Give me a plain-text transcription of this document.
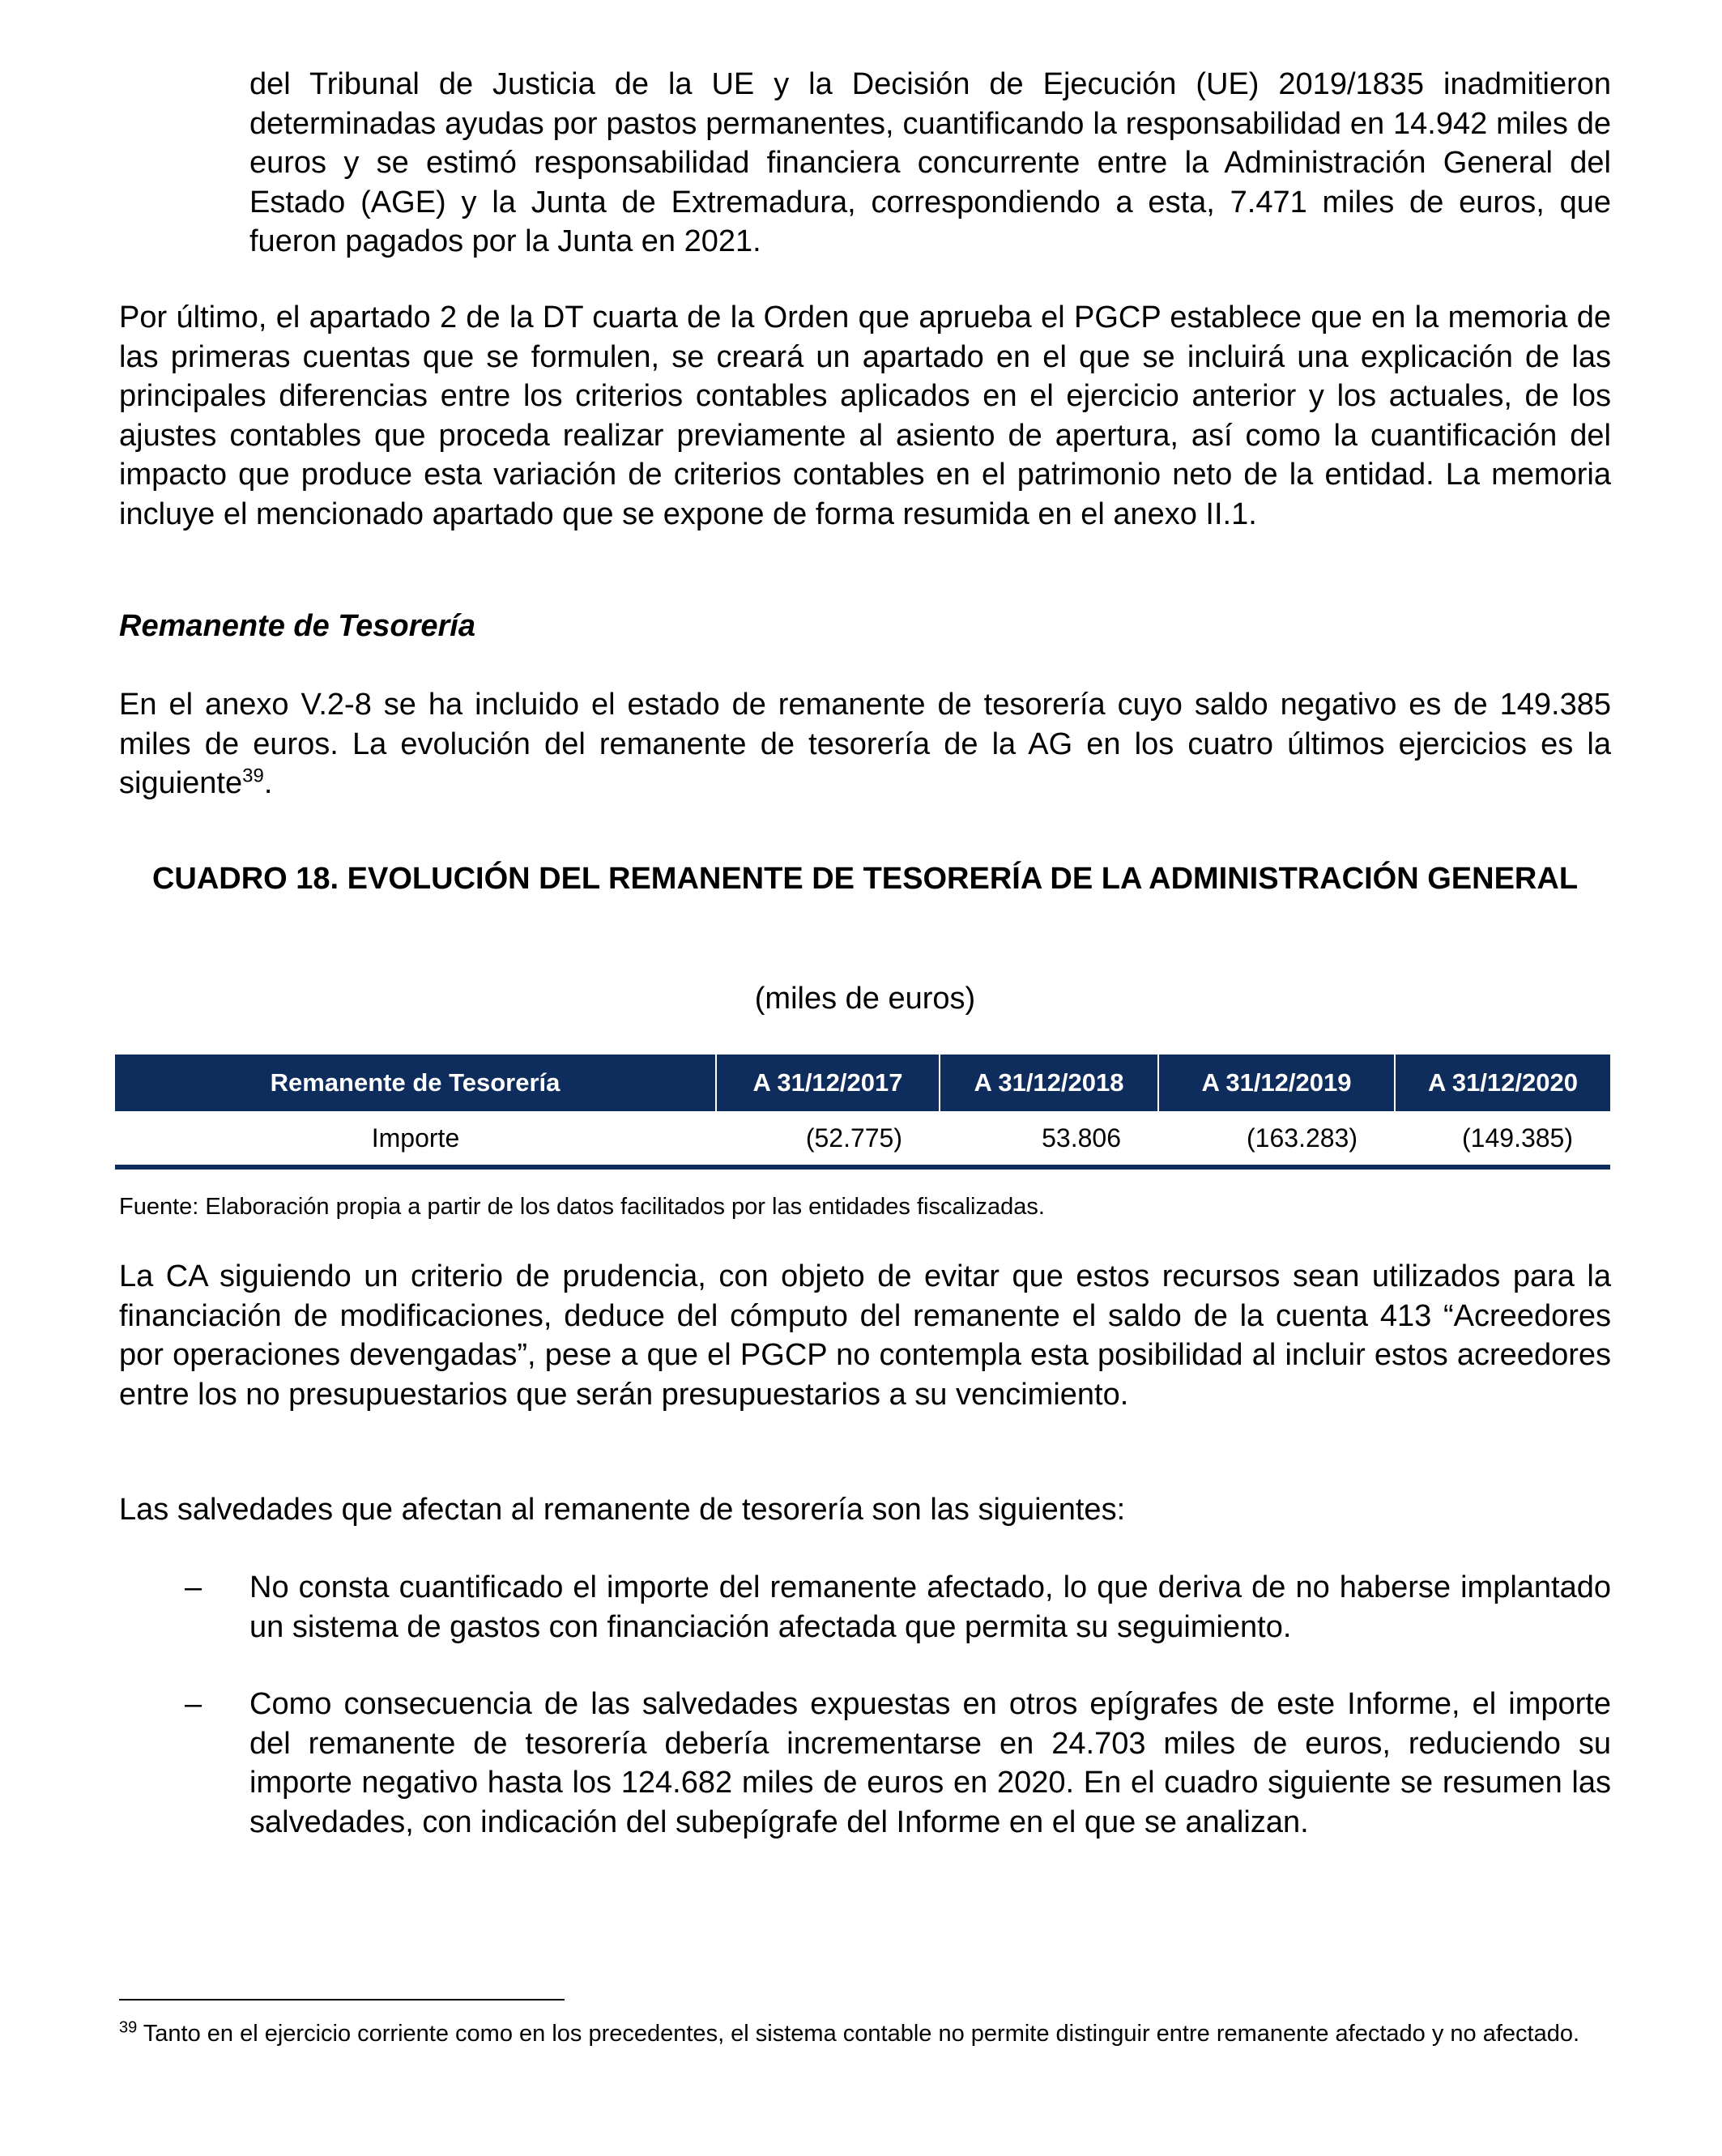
del Tribunal de Justicia de la UE y la Decisión de Ejecución (UE) 2019/1835 inadmitieron determinadas ayudas por pastos permanentes, cuantificando la responsabilidad en 14.942 miles de euros y se estimó responsabilidad financiera concurrente entre la Administración General del Estado (AGE) y la Junta de Extremadura, correspondiendo a esta, 7.471 miles de euros, que fueron pagados por la Junta en 2021.

Por último, el apartado 2 de la DT cuarta de la Orden que aprueba el PGCP establece que en la memoria de las primeras cuentas que se formulen, se creará un apartado en el que se incluirá una explicación de las principales diferencias entre los criterios contables aplicados en el ejercicio anterior y los actuales, de los ajustes contables que proceda realizar previamente al asiento de apertura, así como la cuantificación del impacto que produce esta variación de criterios contables en el patrimonio neto de la entidad. La memoria incluye el mencionado apartado que se expone de forma resumida en el anexo II.1.

Remanente de Tesorería

En el anexo V.2-8 se ha incluido el estado de remanente de tesorería cuyo saldo negativo es de 149.385 miles de euros. La evolución del remanente de tesorería de la AG en los cuatro últimos ejercicios es la siguiente$^{39}$.

CUADRO 18. EVOLUCIÓN DEL REMANENTE DE TESORERÍA DE LA ADMINISTRACIÓN GENERAL

(miles de euros)

Remanente de Tesorería	A 31/12/2017	A 31/12/2018	A 31/12/2019	A 31/12/2020
Importe	(52.775)	53.806	(163.283)	(149.385)

Fuente: Elaboración propia a partir de los datos facilitados por las entidades fiscalizadas.

La CA siguiendo un criterio de prudencia, con objeto de evitar que estos recursos sean utilizados para la financiación de modificaciones, deduce del cómputo del remanente el saldo de la cuenta 413 “Acreedores por operaciones devengadas”, pese a que el PGCP no contempla esta posibilidad al incluir estos acreedores entre los no presupuestarios que serán presupuestarios a su vencimiento.

Las salvedades que afectan al remanente de tesorería son las siguientes:

– No consta cuantificado el importe del remanente afectado, lo que deriva de no haberse implantado un sistema de gastos con financiación afectada que permita su seguimiento.

– Como consecuencia de las salvedades expuestas en otros epígrafes de este Informe, el importe del remanente de tesorería debería incrementarse en 24.703 miles de euros, reduciendo su importe negativo hasta los 124.682 miles de euros en 2020. En el cuadro siguiente se resumen las salvedades, con indicación del subepígrafe del Informe en el que se analizan.

$^{39}$ Tanto en el ejercicio corriente como en los precedentes, el sistema contable no permite distinguir entre remanente afectado y no afectado.
